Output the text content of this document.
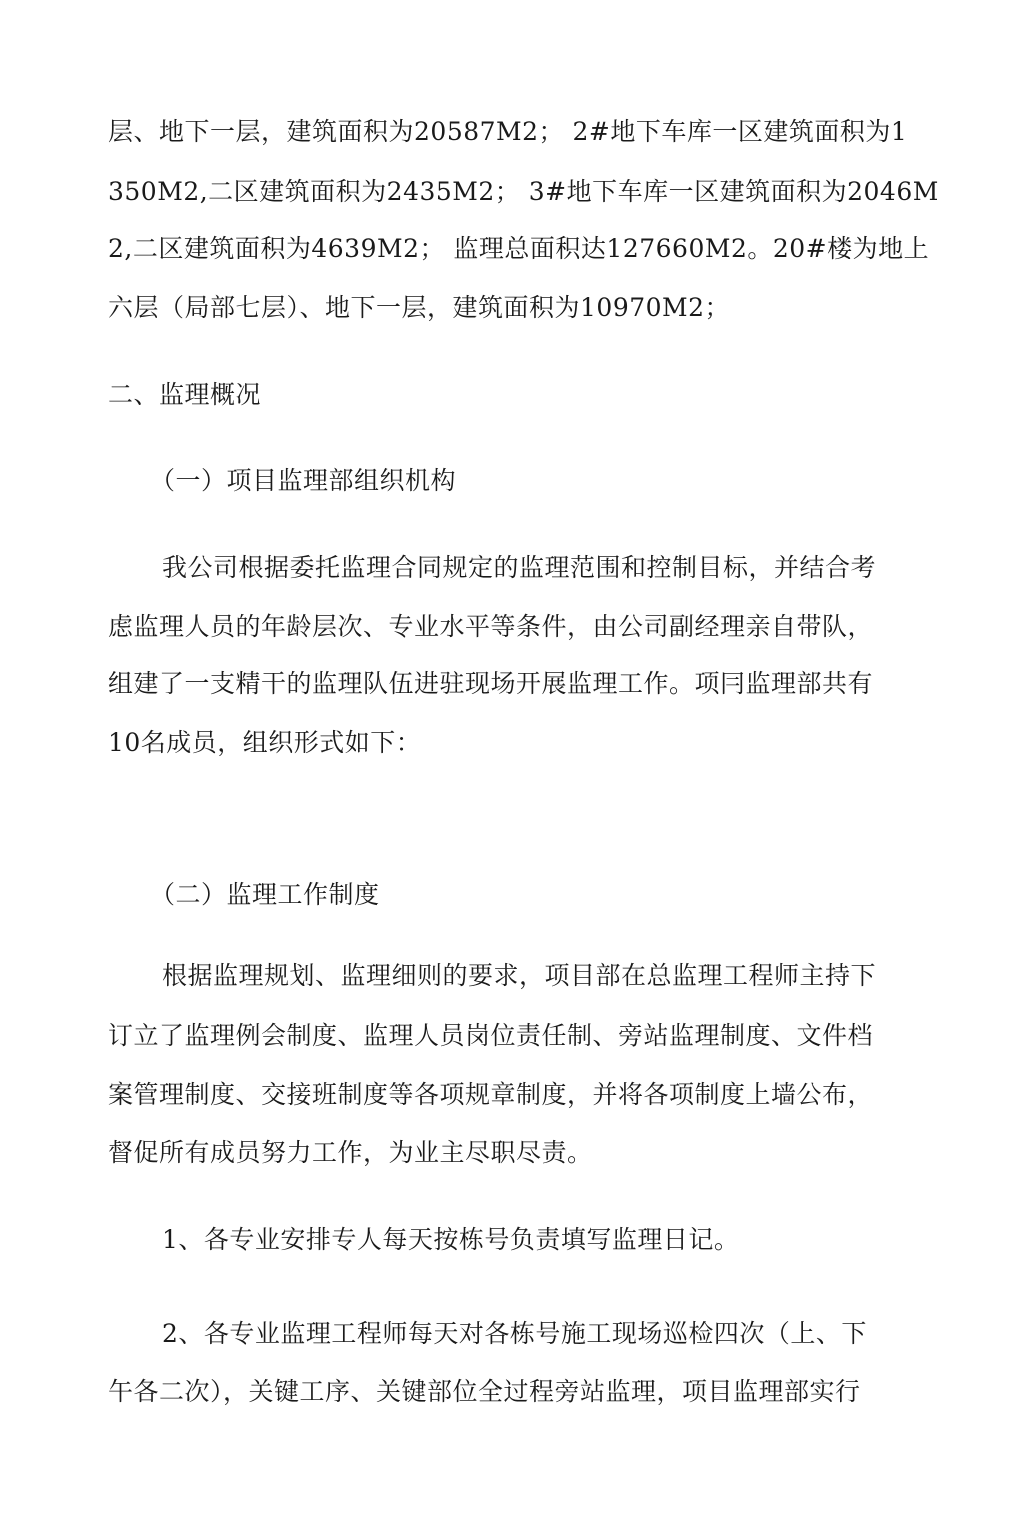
层、地下一层，建筑面积为20587M2； 2#地下车库一区建筑面积为1
350M2,二区建筑面积为2435M2； 3#地下车库一区建筑面积为2046M
2,二区建筑面积为4639M2； 监理总面积达127660M2。20#楼为地上
六层（局部七层）、地下一层，建筑面积为10970M2；
二、监理概况
（一）项目监理部组织机构
我公司根据委托监理合同规定的监理范围和控制目标，并结合考
虑监理人员的年龄层次、专业水平等条件，由公司副经理亲自带队，
组建了一支精干的监理队伍进驻现场开展监理工作。项冃监理部共有
10名成员，组织形式如下：
（二）监理工作制度
根据监理规划、监理细则的要求，项目部在总监理工程师主持下
订立了监理例会制度、监理人员岗位责任制、旁站监理制度、文件档
案管理制度、交接班制度等各项规章制度，并将各项制度上墙公布，
督促所有成员努力工作，为业主尽职尽责。
1、各专业安排专人每天按栋号负责填写监理日记。
2、各专业监理工程师每天对各栋号施工现场巡检四次（上、下
午各二次），关键工序、关键部位全过程旁站监理，项目监理部实行
